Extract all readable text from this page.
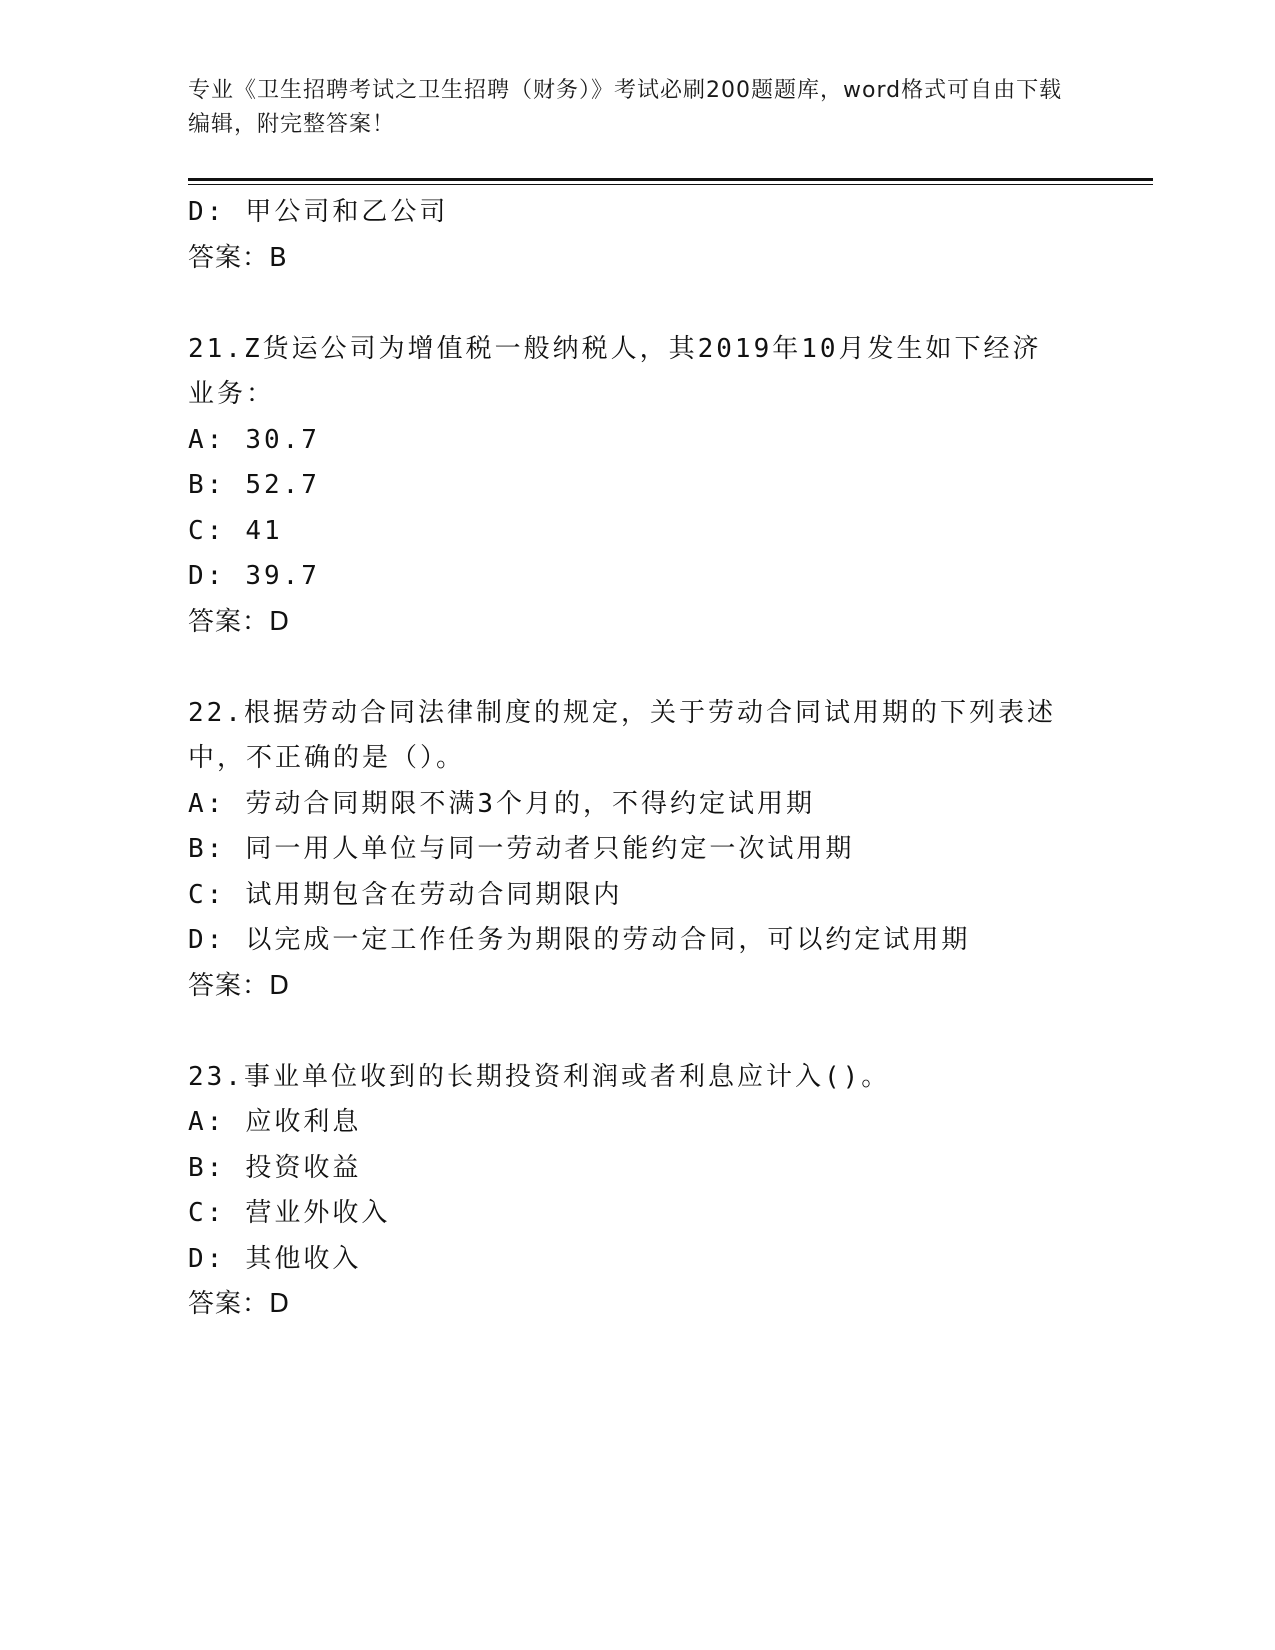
专业《卫生招聘考试之卫生招聘（财务）》考试必刷200题题库，word格式可自由下载编辑，附完整答案！
D: 甲公司和乙公司
答案：B
21.Z货运公司为增值税一般纳税人，其2019年10月发生如下经济业务：
A: 30.7
B: 52.7
C: 41
D: 39.7
答案：D
22.根据劳动合同法律制度的规定，关于劳动合同试用期的下列表述中，不正确的是（）。
A: 劳动合同期限不满3个月的，不得约定试用期
B: 同一用人单位与同一劳动者只能约定一次试用期
C: 试用期包含在劳动合同期限内
D: 以完成一定工作任务为期限的劳动合同，可以约定试用期
答案：D
23.事业单位收到的长期投资利润或者利息应计入()。
A: 应收利息
B: 投资收益
C: 营业外收入
D: 其他收入
答案：D
